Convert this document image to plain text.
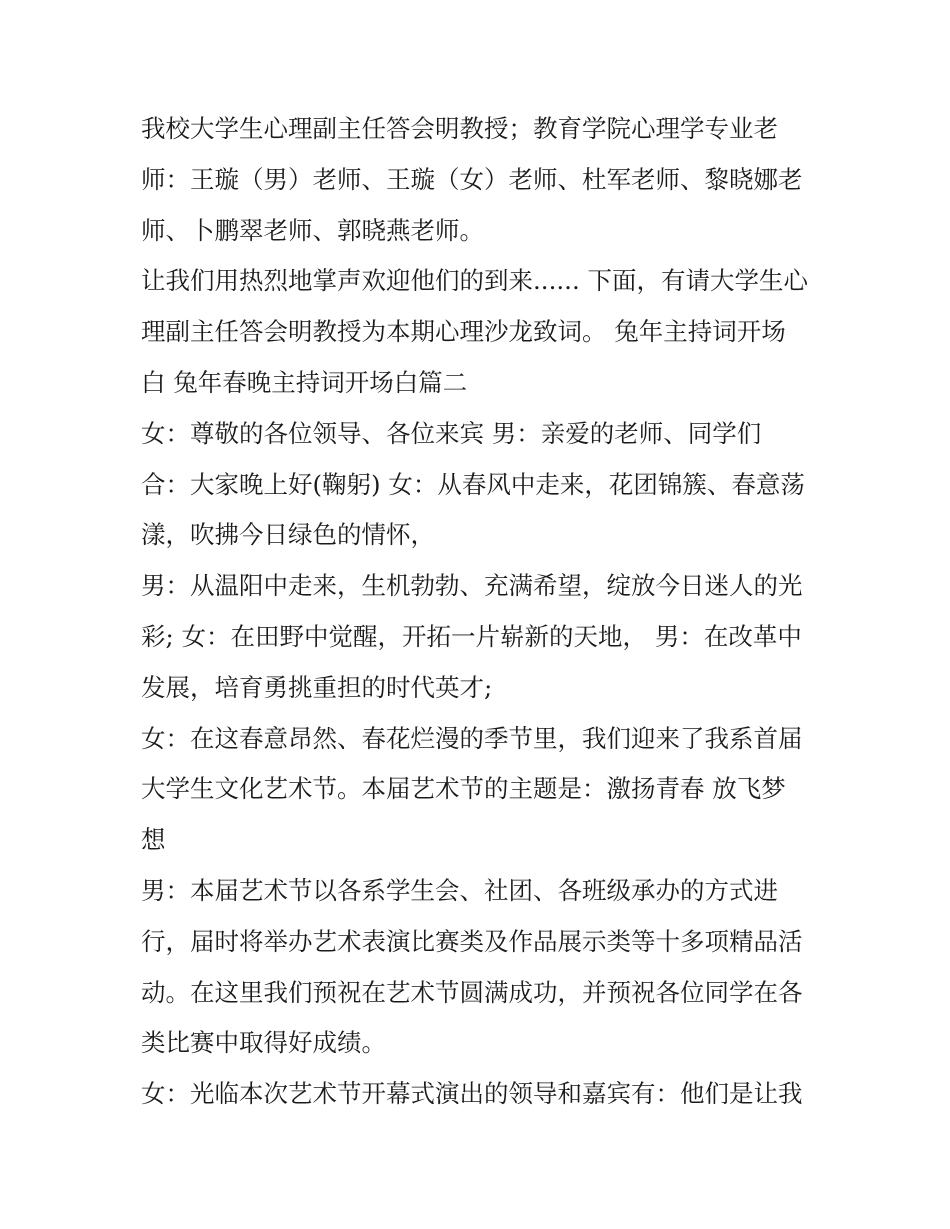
我校大学生心理副主任答会明教授；教育学院心理学专业老
师：王璇（男）老师、王璇（女）老师、杜军老师、黎晓娜老
师、卜鹏翠老师、郭晓燕老师。
让我们用热烈地掌声欢迎他们的到来...... 下面，有请大学生心
理副主任答会明教授为本期心理沙龙致词。 兔年主持词开场
白 兔年春晚主持词开场白篇二
女：尊敬的各位领导、各位来宾 男：亲爱的老师、同学们
合：大家晚上好(鞠躬) 女：从春风中走来，花团锦簇、春意荡
漾，吹拂今日绿色的情怀，
男：从温阳中走来，生机勃勃、充满希望，绽放今日迷人的光
彩; 女：在田野中觉醒，开拓一片崭新的天地， 男：在改革中
发展，培育勇挑重担的时代英才;
女：在这春意昂然、春花烂漫的季节里，我们迎来了我系首届
大学生文化艺术节。本届艺术节的主题是：激扬青春 放飞梦
想
男：本届艺术节以各系学生会、社团、各班级承办的方式进
行，届时将举办艺术表演比赛类及作品展示类等十多项精品活
动。在这里我们预祝在艺术节圆满成功，并预祝各位同学在各
类比赛中取得好成绩。
女：光临本次艺术节开幕式演出的领导和嘉宾有：他们是让我
